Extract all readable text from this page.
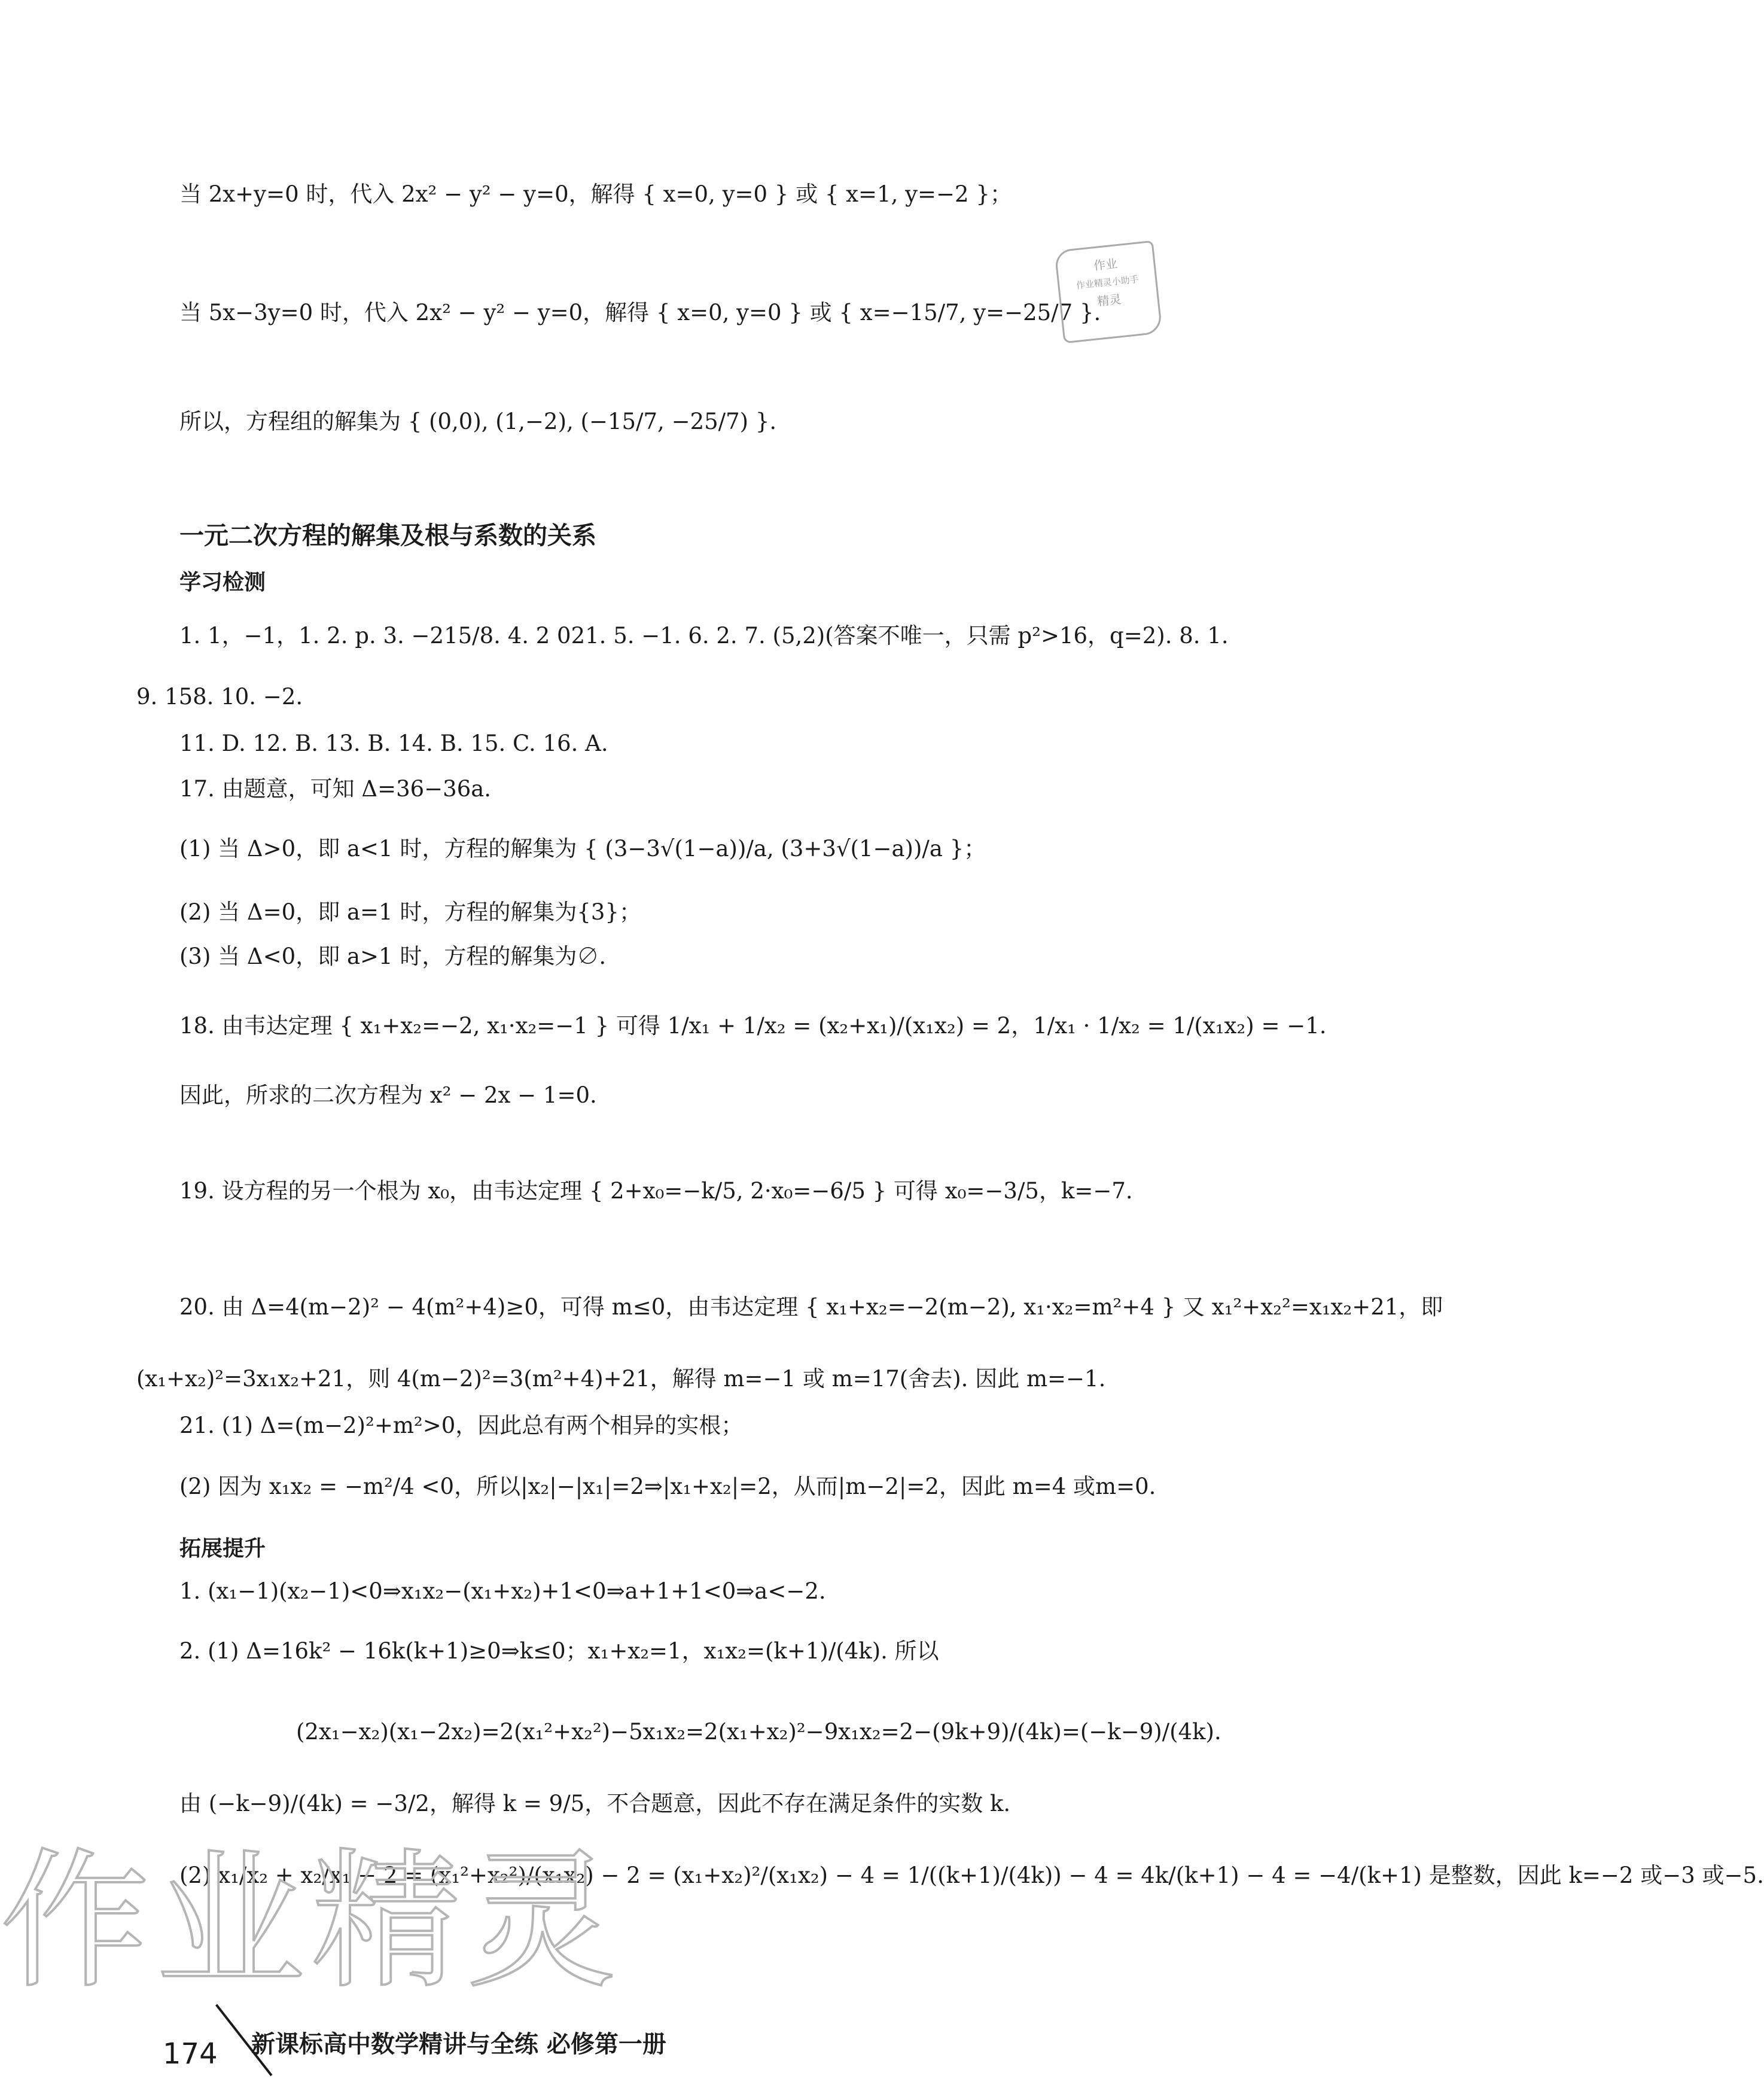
当 2x+y=0 时，代入 2x² − y² − y=0，解得 { x=0, y=0 } 或 { x=1, y=−2 }；
当 5x−3y=0 时，代入 2x² − y² − y=0，解得 { x=0, y=0 } 或 { x=−15/7, y=−25/7 }.
所以，方程组的解集为 { (0,0), (1,−2), (−15/7, −25/7) }.
作业
作业精灵小助手
精灵
一元二次方程的解集及根与系数的关系
学习检测
1. 1，−1，1. 2. p. 3. −215/8. 4. 2 021. 5. −1. 6. 2. 7. (5,2)(答案不唯一，只需 p²>16，q=2). 8. 1.
9. 158. 10. −2.
11. D. 12. B. 13. B. 14. B. 15. C. 16. A.
17. 由题意，可知 Δ=36−36a.
(1) 当 Δ>0，即 a<1 时，方程的解集为 { (3−3√(1−a))/a, (3+3√(1−a))/a }；
(2) 当 Δ=0，即 a=1 时，方程的解集为{3}；
(3) 当 Δ<0，即 a>1 时，方程的解集为∅.
18. 由韦达定理 { x₁+x₂=−2, x₁·x₂=−1 } 可得 1/x₁ + 1/x₂ = (x₂+x₁)/(x₁x₂) = 2，1/x₁ · 1/x₂ = 1/(x₁x₂) = −1.
因此，所求的二次方程为 x² − 2x − 1=0.
19. 设方程的另一个根为 x₀，由韦达定理 { 2+x₀=−k/5, 2·x₀=−6/5 } 可得 x₀=−3/5，k=−7.
20. 由 Δ=4(m−2)² − 4(m²+4)≥0，可得 m≤0，由韦达定理 { x₁+x₂=−2(m−2), x₁·x₂=m²+4 } 又 x₁²+x₂²=x₁x₂+21，即
(x₁+x₂)²=3x₁x₂+21，则 4(m−2)²=3(m²+4)+21，解得 m=−1 或 m=17(舍去). 因此 m=−1.
21. (1) Δ=(m−2)²+m²>0，因此总有两个相异的实根；
(2) 因为 x₁x₂ = −m²/4 <0，所以|x₂|−|x₁|=2⇒|x₁+x₂|=2，从而|m−2|=2，因此 m=4 或m=0.
拓展提升
1. (x₁−1)(x₂−1)<0⇒x₁x₂−(x₁+x₂)+1<0⇒a+1+1<0⇒a<−2.
2. (1) Δ=16k² − 16k(k+1)≥0⇒k≤0；x₁+x₂=1，x₁x₂=(k+1)/(4k). 所以
(2x₁−x₂)(x₁−2x₂)=2(x₁²+x₂²)−5x₁x₂=2(x₁+x₂)²−9x₁x₂=2−(9k+9)/(4k)=(−k−9)/(4k).
由 (−k−9)/(4k) = −3/2，解得 k = 9/5，不合题意，因此不存在满足条件的实数 k.
(2) x₁/x₂ + x₂/x₁ − 2 = (x₁²+x₂²)/(x₁x₂) − 2 = (x₁+x₂)²/(x₁x₂) − 4 = 1/((k+1)/(4k)) − 4 = 4k/(k+1) − 4 = −4/(k+1) 是整数，因此 k=−2 或−3 或−5.
作业精灵
174 新课标高中数学精讲与全练 必修第一册
